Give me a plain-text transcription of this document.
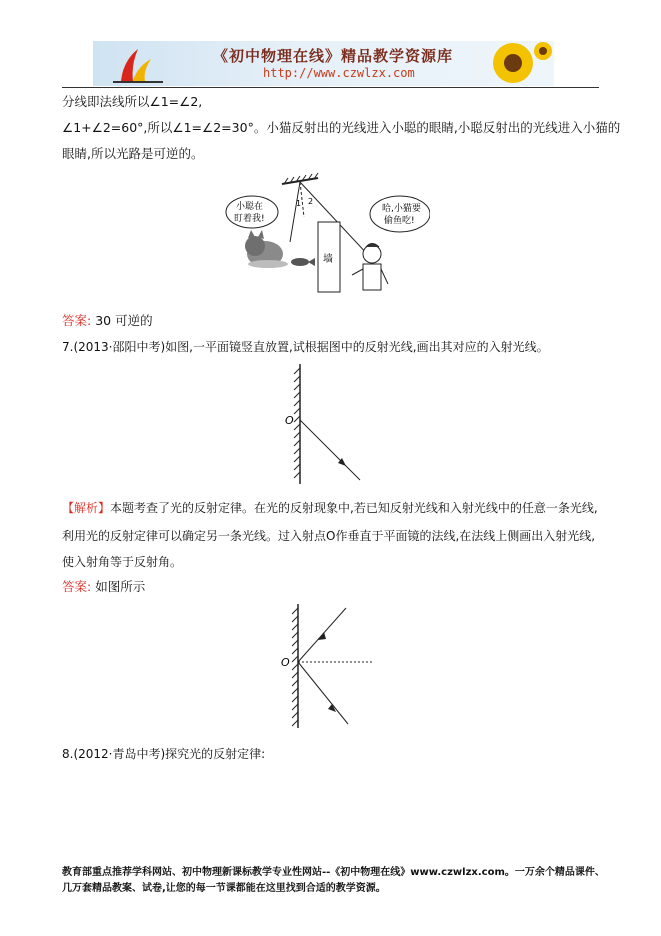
《初中物理在线》精品教学资源库
http://www.czwlzx.com
分线即法线所以∠1=∠2,
∠1+∠2=60°,所以∠1=∠2=30°。小猫反射出的光线进入小聪的眼睛,小聪反射出的光线进入小猫的
眼睛,所以光路是可逆的。
1 2
小聪在
盯着我!
哈,小猫要
偷鱼吃!
墙
答案: 30 可逆的
7.(2013·邵阳中考)如图,一平面镜竖直放置,试根据图中的反射光线,画出其对应的入射光线。
O
【解析】本题考查了光的反射定律。在光的反射现象中,若已知反射光线和入射光线中的任意一条光线,
利用光的反射定律可以确定另一条光线。过入射点O作垂直于平面镜的法线,在法线上侧画出入射光线,
使入射角等于反射角。
答案: 如图所示
O
8.(2012·青岛中考)探究光的反射定律:
教育部重点推荐学科网站、初中物理新课标教学专业性网站--《初中物理在线》www.czwlzx.com。一万余个精品课件、
几万套精品教案、试卷,让您的每一节课都能在这里找到合适的教学资源。
